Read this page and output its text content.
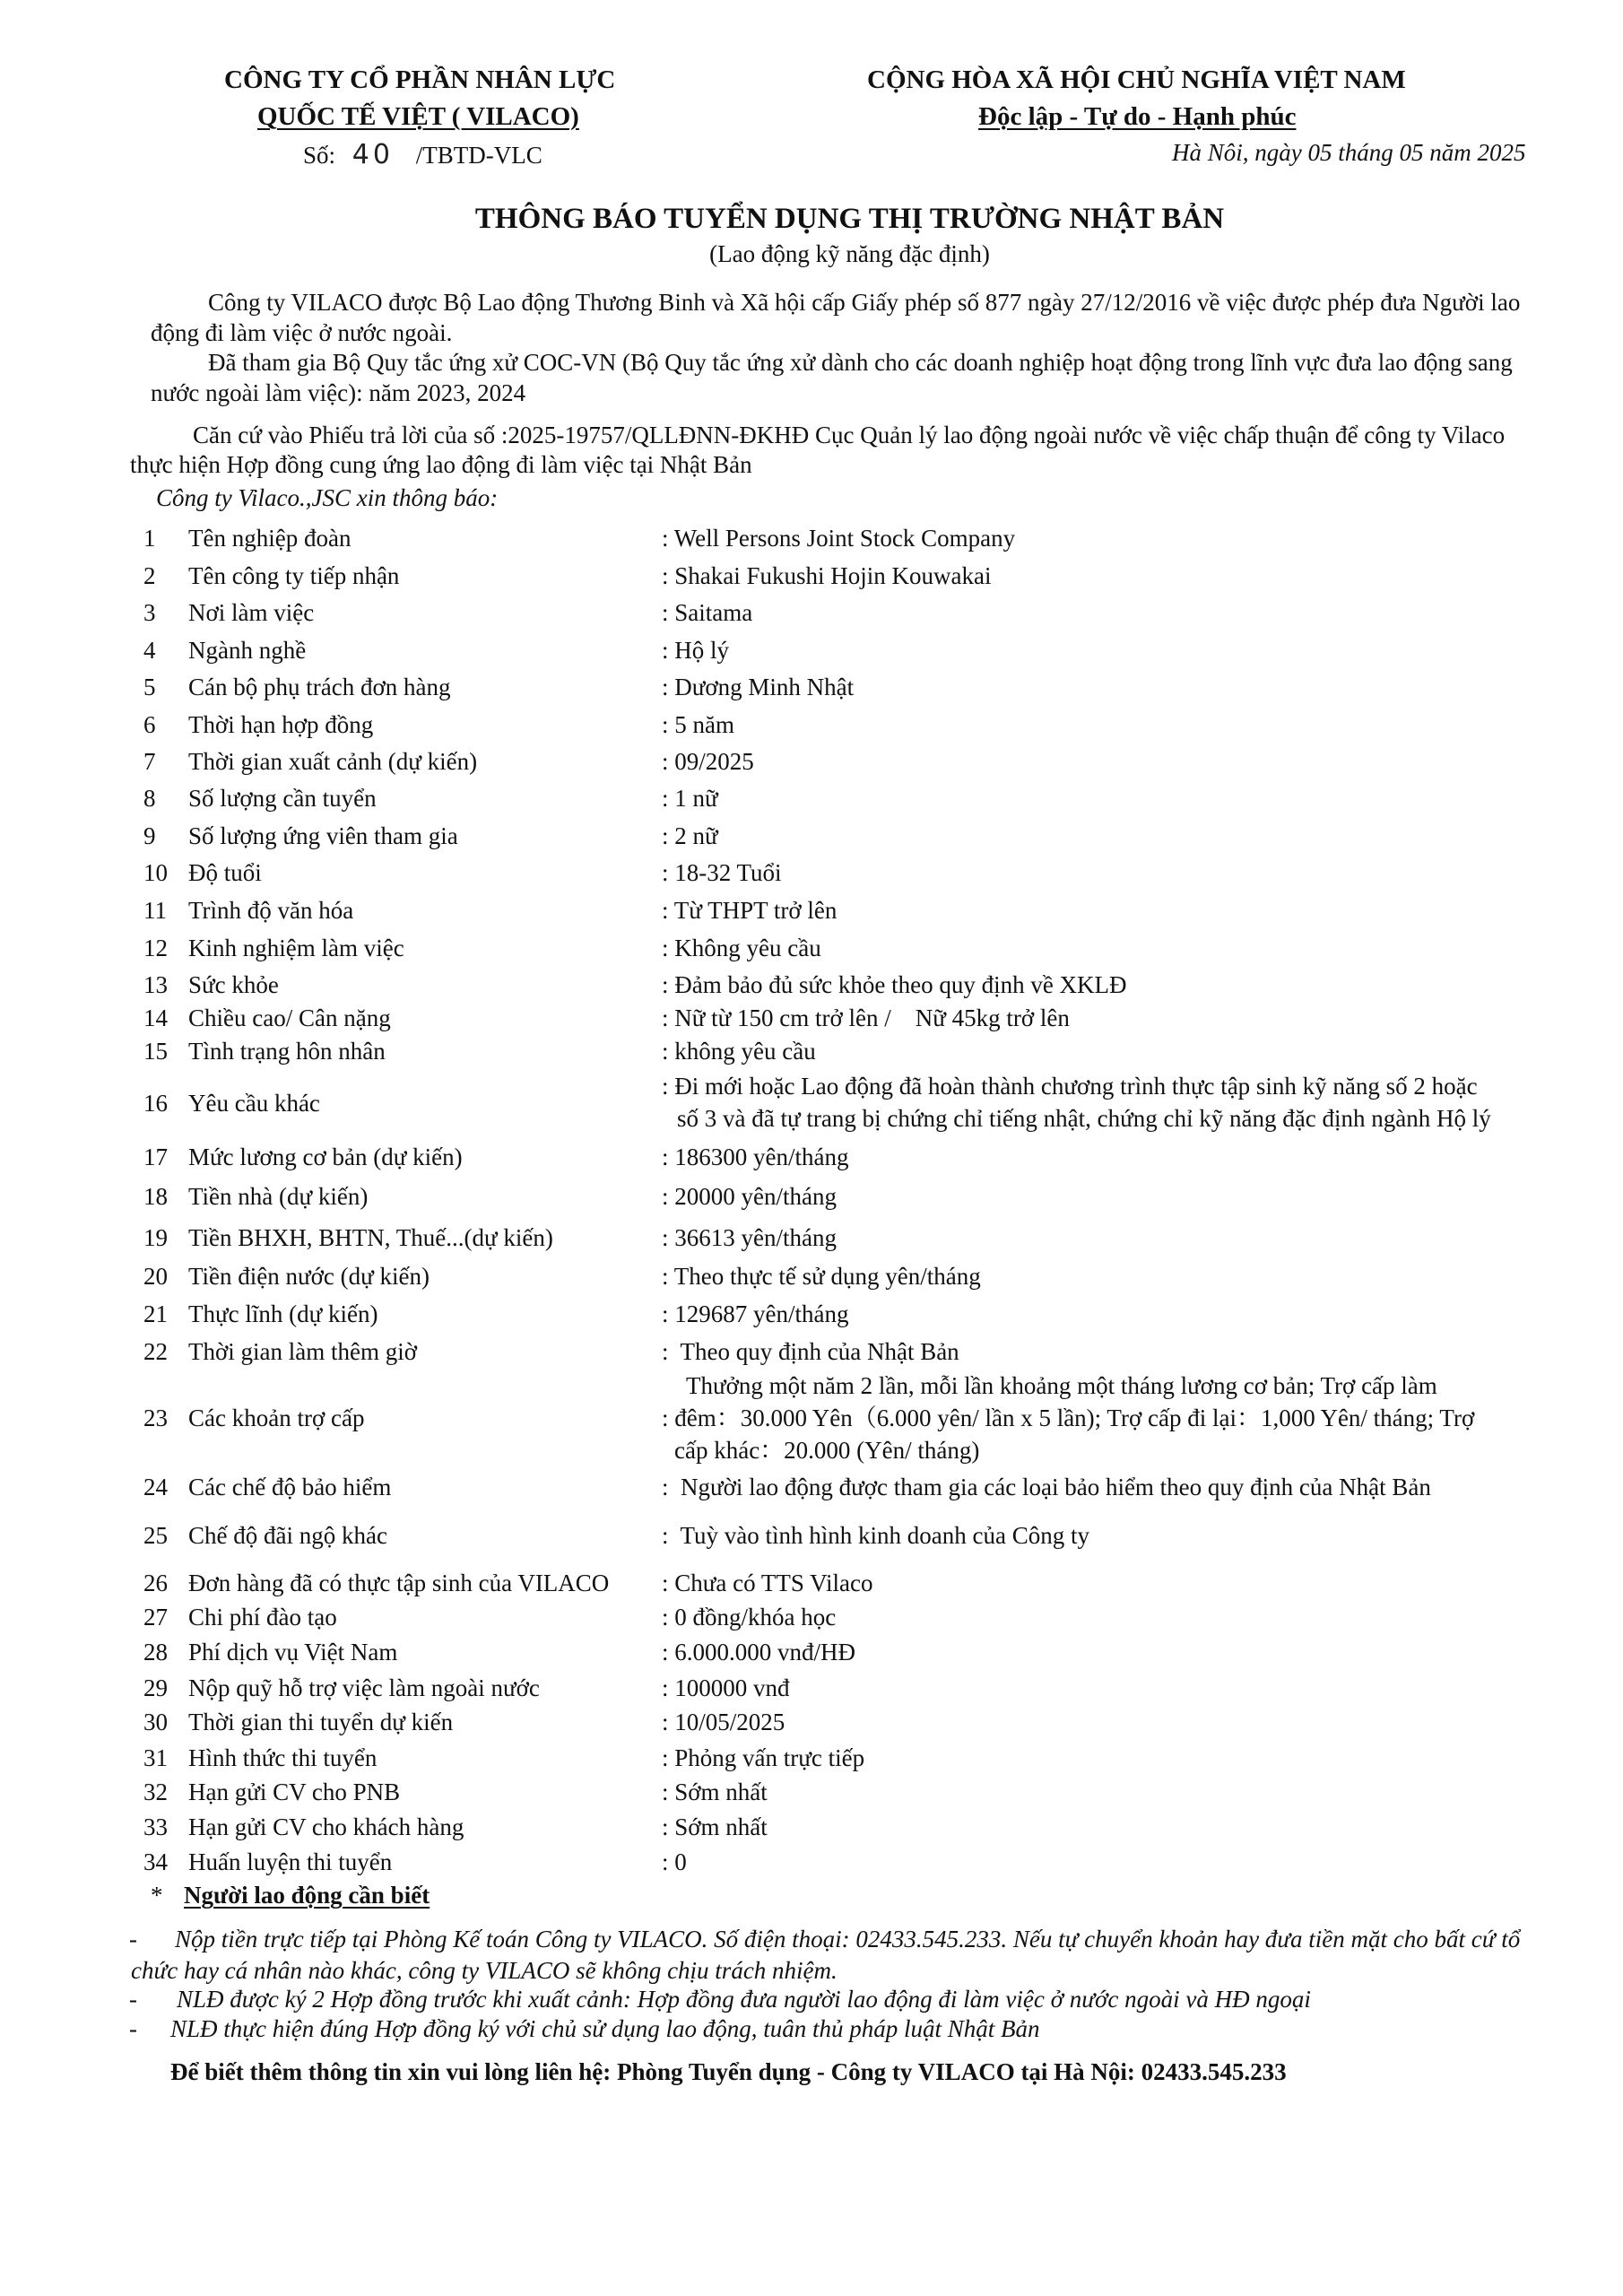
CÔNG TY CỔ PHẦN NHÂN LỰC
QUỐC TẾ VIỆT ( VILACO)
Số: 40 /TBTD-VLC
CỘNG HÒA XÃ HỘI CHỦ NGHĨA VIỆT NAM
Độc lập - Tự do - Hạnh phúc
Hà Nôi, ngày 05 tháng 05 năm 2025
THÔNG BÁO TUYỂN DỤNG THỊ TRƯỜNG NHẬT BẢN
(Lao động kỹ năng đặc định)
Công ty VILACO được Bộ Lao động Thương Binh và Xã hội cấp Giấy phép số 877 ngày 27/12/2016 về việc được phép đưa Người lao
động đi làm việc ở nước ngoài.
Đã tham gia Bộ Quy tắc ứng xử COC-VN (Bộ Quy tắc ứng xử dành cho các doanh nghiệp hoạt động trong lĩnh vực đưa lao động sang
nước ngoài làm việc): năm 2023, 2024
Căn cứ vào Phiếu trả lời của số :2025-19757/QLLĐNN-ĐKHĐ Cục Quản lý lao động ngoài nước về việc chấp thuận để công ty Vilaco
thực hiện Hợp đồng cung ứng lao động đi làm việc tại Nhật Bản
Công ty Vilaco.,JSC xin thông báo:
1	Tên nghiệp đoàn	: Well Persons Joint Stock Company
2	Tên công ty tiếp nhận	: Shakai Fukushi Hojin Kouwakai
3	Nơi làm việc	: Saitama
4	Ngành nghề	: Hộ lý
5	Cán bộ phụ trách đơn hàng	: Dương Minh Nhật
6	Thời hạn hợp đồng	: 5 năm
7	Thời gian xuất cảnh (dự kiến)	: 09/2025
8	Số lượng cần tuyển	: 1 nữ
9	Số lượng ứng viên tham gia	: 2 nữ
10 Độ tuổi	: 18-32 Tuổi
11 Trình độ văn hóa	: Từ THPT trở lên
12 Kinh nghiệm làm việc	: Không yêu cầu
13 Sức khỏe	: Đảm bảo đủ sức khỏe theo quy định về XKLĐ
14 Chiều cao/ Cân nặng	: Nữ từ 150 cm trở lên /    Nữ 45kg trở lên
15 Tình trạng hôn nhân	: không yêu cầu
16 Yêu cầu khác
: Đi mới hoặc Lao động đã hoàn thành chương trình thực tập sinh kỹ năng số 2 hoặc
số 3 và đã tự trang bị chứng chỉ tiếng nhật, chứng chỉ kỹ năng đặc định ngành Hộ lý
17 Mức lương cơ bản (dự kiến)	: 186300 yên/tháng
18 Tiền nhà (dự kiến)	: 20000 yên/tháng
19 Tiền BHXH, BHTN, Thuế...(dự kiến)	: 36613 yên/tháng
20 Tiền điện nước (dự kiến)	: Theo thực tế sử dụng yên/tháng
21 Thực lĩnh (dự kiến)	: 129687 yên/tháng
22 Thời gian làm thêm giờ	:  Theo quy định của Nhật Bản
23 Các khoản trợ cấp
Thưởng một năm 2 lần, mỗi lần khoảng một tháng lương cơ bản; Trợ cấp làm
: đêm：30.000 Yên（6.000 yên/ lần x 5 lần); Trợ cấp đi lại：1,000 Yên/ tháng; Trợ
cấp khác：20.000 (Yên/ tháng)
24 Các chế độ bảo hiểm	:  Người lao động được tham gia các loại bảo hiểm theo quy định của Nhật Bản
25 Chế độ đãi ngộ khác	:  Tuỳ vào tình hình kinh doanh của Công ty
26 Đơn hàng đã có thực tập sinh của VILACO : Chưa có TTS Vilaco
27 Chi phí đào tạo	: 0 đồng/khóa học
28 Phí dịch vụ Việt Nam	: 6.000.000 vnđ/HĐ
29 Nộp quỹ hỗ trợ việc làm ngoài nước	: 100000 vnđ
30 Thời gian thi tuyển dự kiến	: 10/05/2025
31 Hình thức thi tuyển	: Phỏng vấn trực tiếp
32 Hạn gửi CV cho PNB	: Sớm nhất
33 Hạn gửi CV cho khách hàng	: Sớm nhất
34 Huấn luyện thi tuyển	: 0
* Người lao động cần biết
- Nộp tiền trực tiếp tại Phòng Kế toán Công ty VILACO. Số điện thoại: 02433.545.233. Nếu tự chuyển khoản hay đưa tiền mặt cho bất cứ tổ
chức hay cá nhân nào khác, công ty VILACO sẽ không chịu trách nhiệm.
- NLĐ được ký 2 Hợp đồng trước khi xuất cảnh: Hợp đồng đưa người lao động đi làm việc ở nước ngoài và HĐ ngoại
- NLĐ thực hiện đúng Hợp đồng ký với chủ sử dụng lao động, tuân thủ pháp luật Nhật Bản
Để biết thêm thông tin xin vui lòng liên hệ: Phòng Tuyển dụng - Công ty VILACO tại Hà Nội: 02433.545.233
